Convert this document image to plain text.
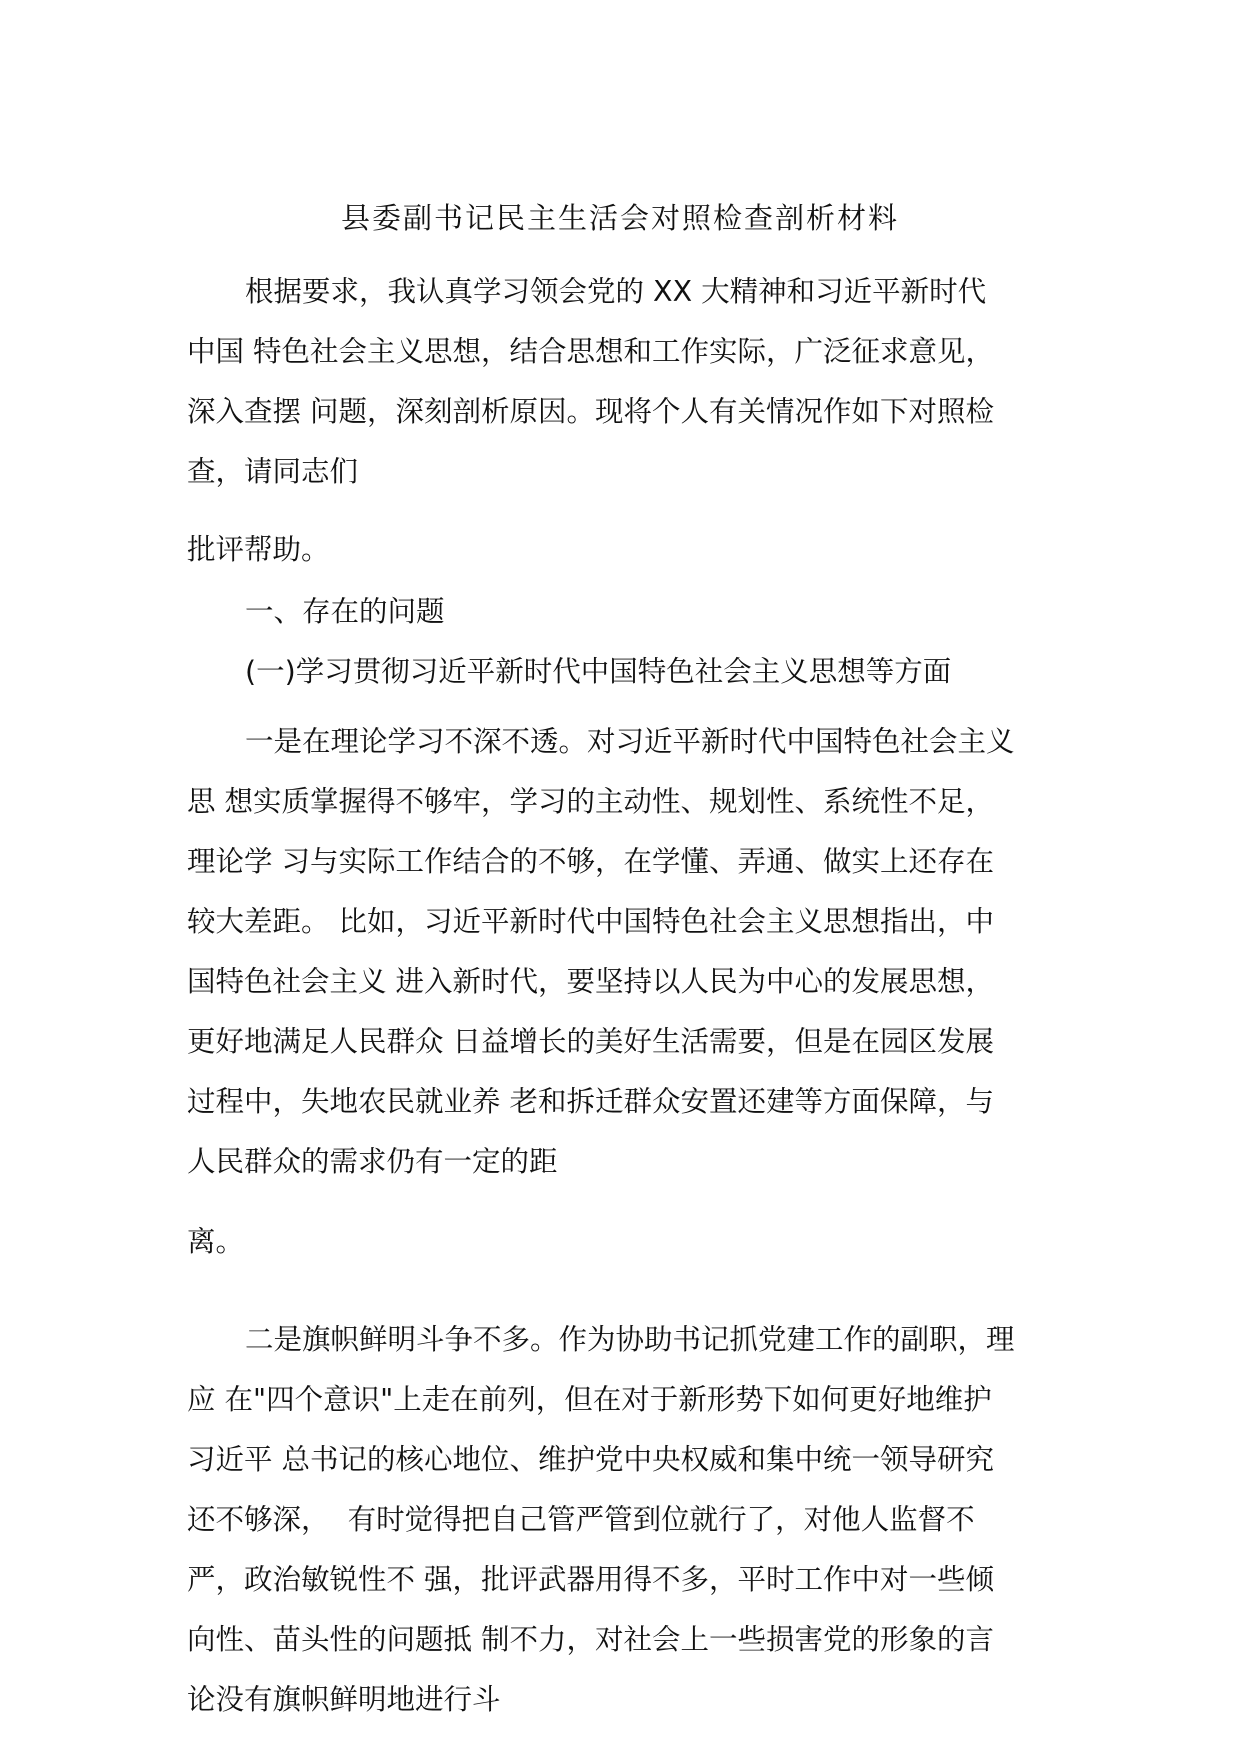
县委副书记民主生活会对照检查剖析材料
根据要求，我认真学习领会党的 XX 大精神和习近平新时代
中国 特色社会主义思想，结合思想和工作实际，广泛征求意见，
深入查摆 问题，深刻剖析原因。现将个人有关情况作如下对照检
查，请同志们
批评帮助。
一、存在的问题
(一)学习贯彻习近平新时代中国特色社会主义思想等方面
一是在理论学习不深不透。对习近平新时代中国特色社会主义
思 想实质掌握得不够牢，学习的主动性、规划性、系统性不足，
理论学 习与实际工作结合的不够，在学懂、弄通、做实上还存在
较大差距。 比如，习近平新时代中国特色社会主义思想指出，中
国特色社会主义 进入新时代，要坚持以人民为中心的发展思想，
更好地满足人民群众 日益增长的美好生活需要，但是在园区发展
过程中，失地农民就业养 老和拆迁群众安置还建等方面保障，与
人民群众的需求仍有一定的距
离。
二是旗帜鲜明斗争不多。作为协助书记抓党建工作的副职，理
应 在"四个意识"上走在前列，但在对于新形势下如何更好地维护
习近平 总书记的核心地位、维护党中央权威和集中统一领导研究
还不够深，  有时觉得把自己管严管到位就行了，对他人监督不
严，政治敏锐性不 强，批评武器用得不多，平时工作中对一些倾
向性、苗头性的问题抵 制不力，对社会上一些损害党的形象的言
论没有旗帜鲜明地进行斗
